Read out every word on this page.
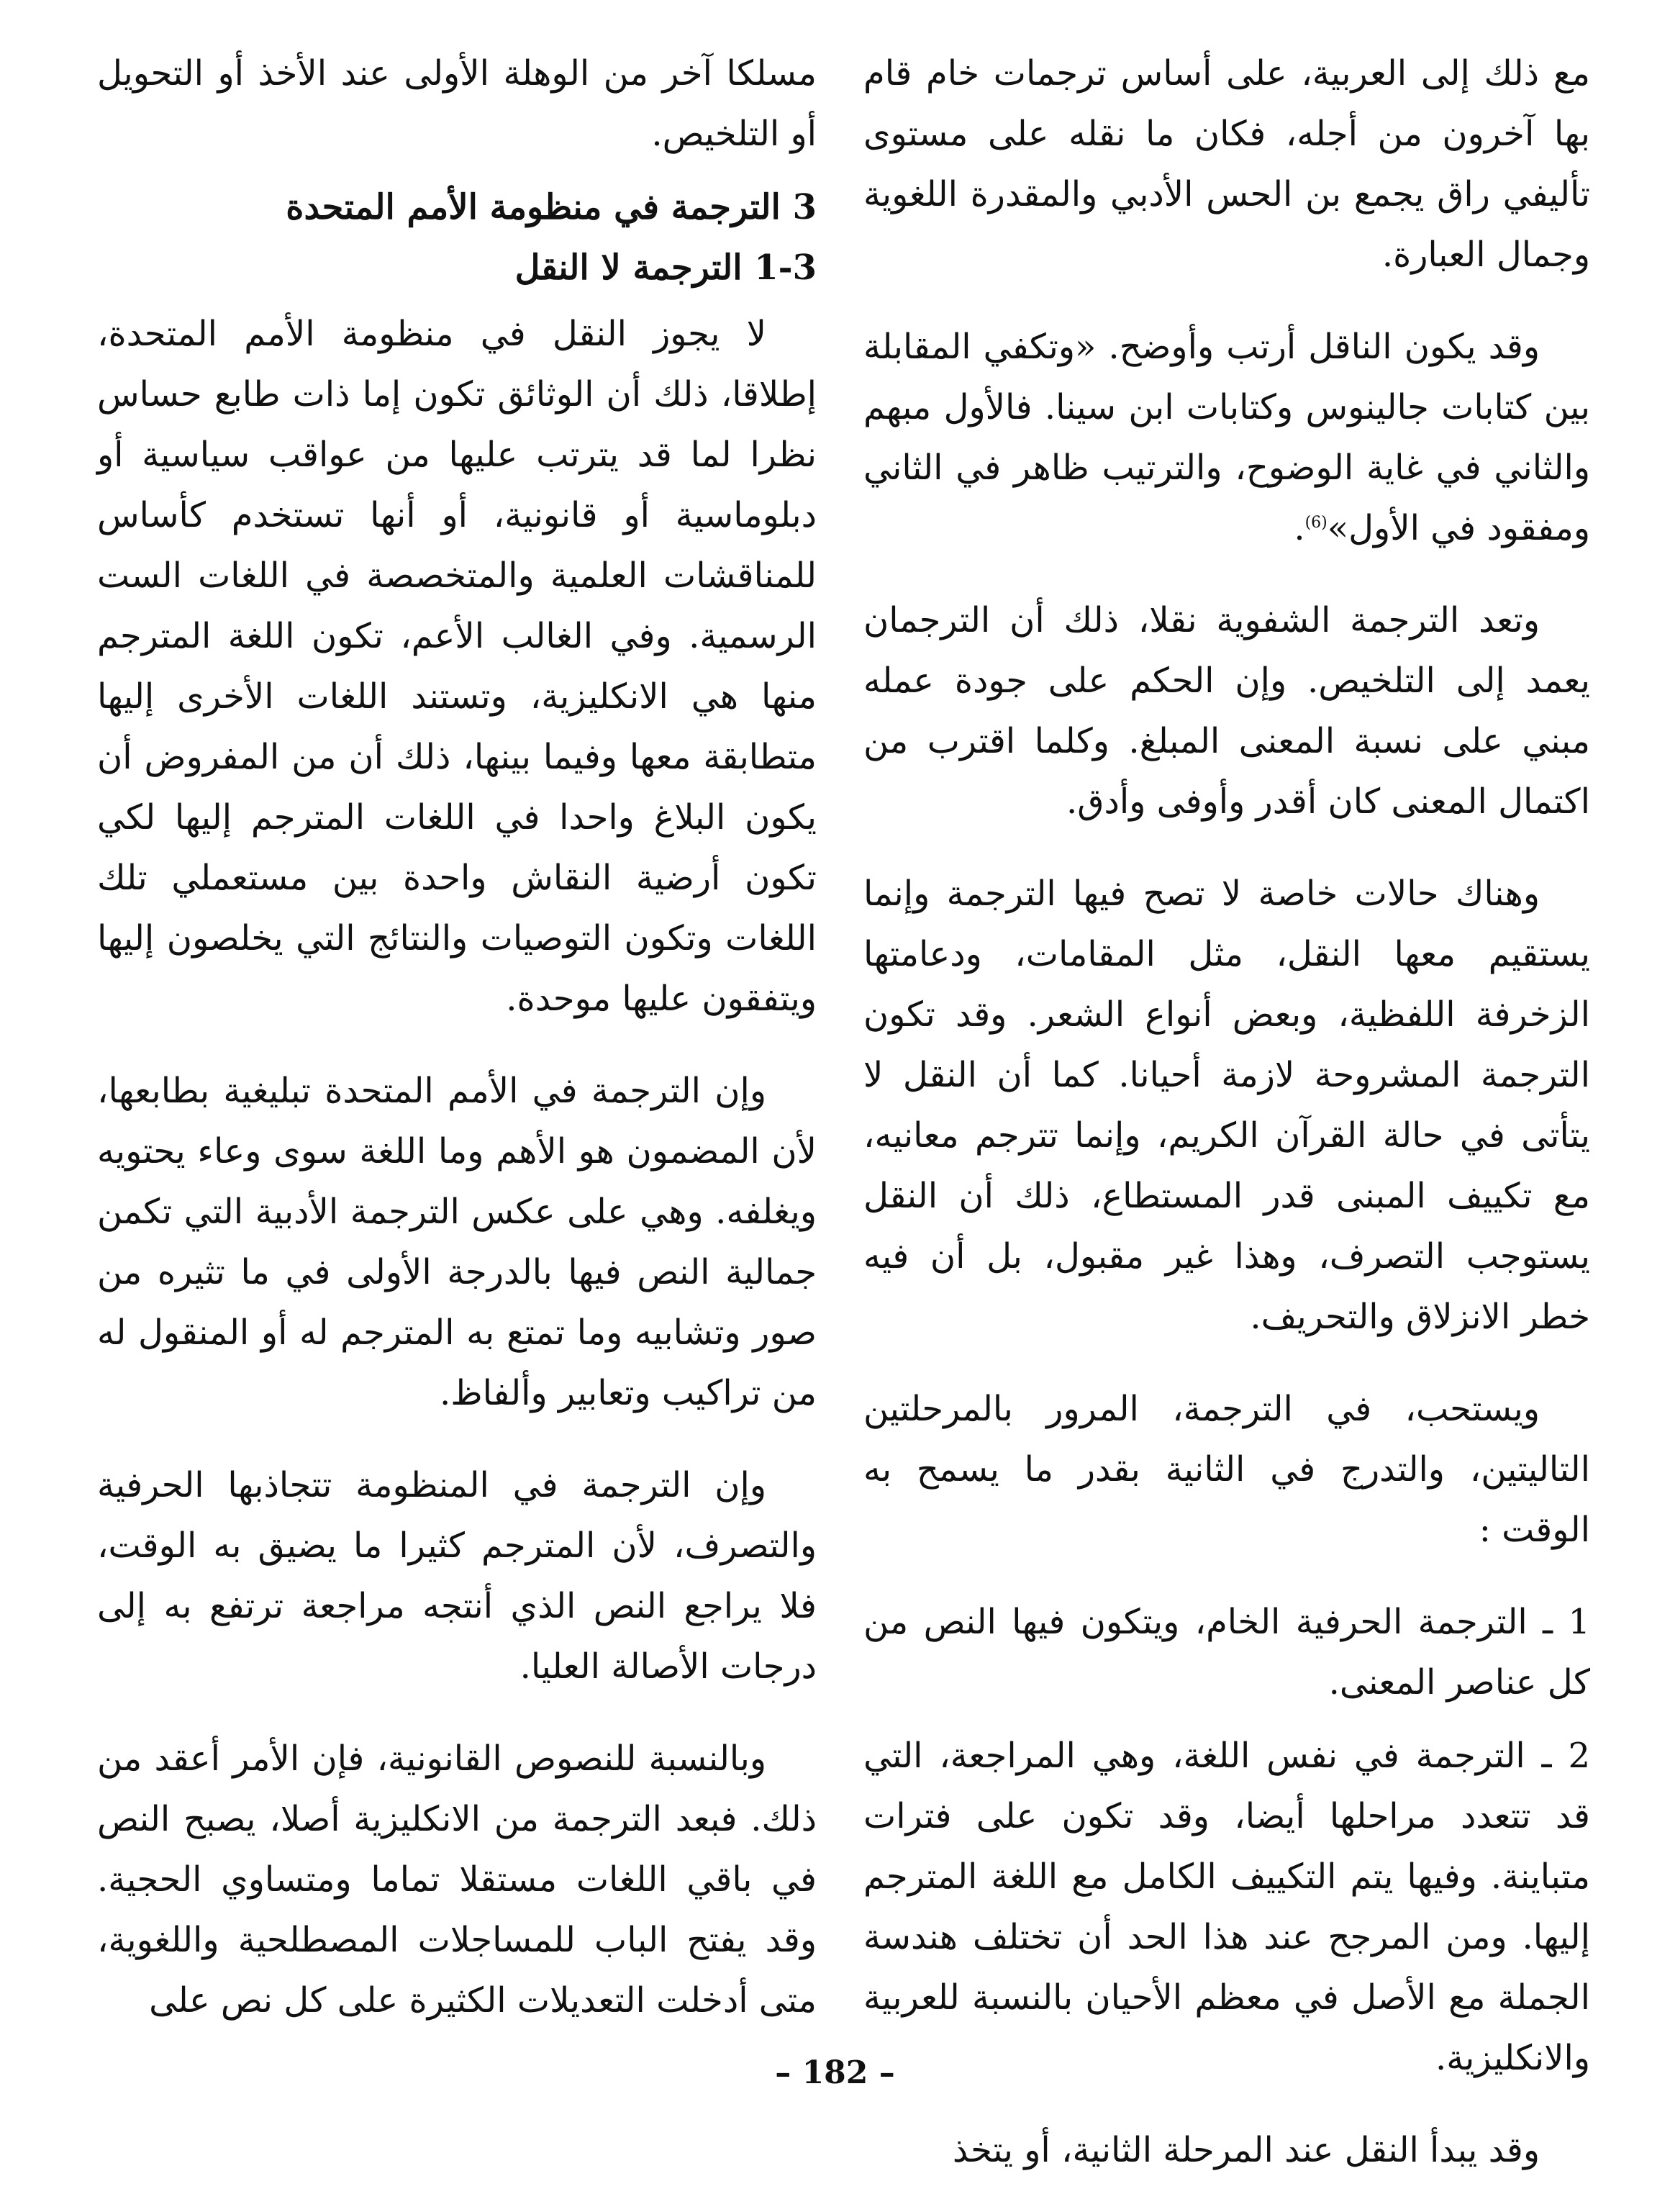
مع ذلك إلى العربية، على أساس ترجمات خام قام بها آخرون من أجله، فكان ما نقله على مستوى تأليفي راق يجمع بن الحس الأدبي والمقدرة اللغوية وجمال العبارة.

وقد يكون الناقل أرتب وأوضح. «وتكفي المقابلة بين كتابات جالينوس وكتابات ابن سينا. فالأول مبهم والثاني في غاية الوضوح، والترتيب ظاهر في الثاني ومفقود في الأول»$^{(6)}$.

وتعد الترجمة الشفوية نقلا، ذلك أن الترجمان يعمد إلى التلخيص. وإن الحكم على جودة عمله مبني على نسبة المعنى المبلغ. وكلما اقترب من اكتمال المعنى كان أقدر وأوفى وأدق.

وهناك حالات خاصة لا تصح فيها الترجمة وإنما يستقيم معها النقل، مثل المقامات، ودعامتها الزخرفة اللفظية، وبعض أنواع الشعر. وقد تكون الترجمة المشروحة لازمة أحيانا. كما أن النقل لا يتأتى في حالة القرآن الكريم، وإنما تترجم معانيه، مع تكييف المبنى قدر المستطاع، ذلك أن النقل يستوجب التصرف، وهذا غير مقبول، بل أن فيه خطر الانزلاق والتحريف.

ويستحب، في الترجمة، المرور بالمرحلتين التاليتين، والتدرج في الثانية بقدر ما يسمح به الوقت :

1 ـ الترجمة الحرفية الخام، ويتكون فيها النص من كل عناصر المعنى.

2 ـ الترجمة في نفس اللغة، وهي المراجعة، التي قد تتعدد مراحلها أيضا، وقد تكون على فترات متباينة. وفيها يتم التكييف الكامل مع اللغة المترجم إليها. ومن المرجح عند هذا الحد أن تختلف هندسة الجملة مع الأصل في معظم الأحيان بالنسبة للعربية والانكليزية.

وقد يبدأ النقل عند المرحلة الثانية، أو يتخذ

مسلكا آخر من الوهلة الأولى عند الأخذ أو التحويل أو التلخيص.

3 الترجمة في منظومة الأمم المتحدة
1-3 الترجمة لا النقل

لا يجوز النقل في منظومة الأمم المتحدة، إطلاقا، ذلك أن الوثائق تكون إما ذات طابع حساس نظرا لما قد يترتب عليها من عواقب سياسية أو دبلوماسية أو قانونية، أو أنها تستخدم كأساس للمناقشات العلمية والمتخصصة في اللغات الست الرسمية. وفي الغالب الأعم، تكون اللغة المترجم منها هي الانكليزية، وتستند اللغات الأخرى إليها متطابقة معها وفيما بينها، ذلك أن من المفروض أن يكون البلاغ واحدا في اللغات المترجم إليها لكي تكون أرضية النقاش واحدة بين مستعملي تلك اللغات وتكون التوصيات والنتائج التي يخلصون إليها ويتفقون عليها موحدة.

وإن الترجمة في الأمم المتحدة تبليغية بطابعها، لأن المضمون هو الأهم وما اللغة سوى وعاء يحتويه ويغلفه. وهي على عكس الترجمة الأدبية التي تكمن جمالية النص فيها بالدرجة الأولى في ما تثيره من صور وتشابيه وما تمتع به المترجم له أو المنقول له من تراكيب وتعابير وألفاظ.

وإن الترجمة في المنظومة تتجاذبها الحرفية والتصرف، لأن المترجم كثيرا ما يضيق به الوقت، فلا يراجع النص الذي أنتجه مراجعة ترتفع به إلى درجات الأصالة العليا.

وبالنسبة للنصوص القانونية، فإن الأمر أعقد من ذلك. فبعد الترجمة من الانكليزية أصلا، يصبح النص في باقي اللغات مستقلا تماما ومتساوي الحجية. وقد يفتح الباب للمساجلات المصطلحية واللغوية، متى أدخلت التعديلات الكثيرة على كل نص على

– 182 –
